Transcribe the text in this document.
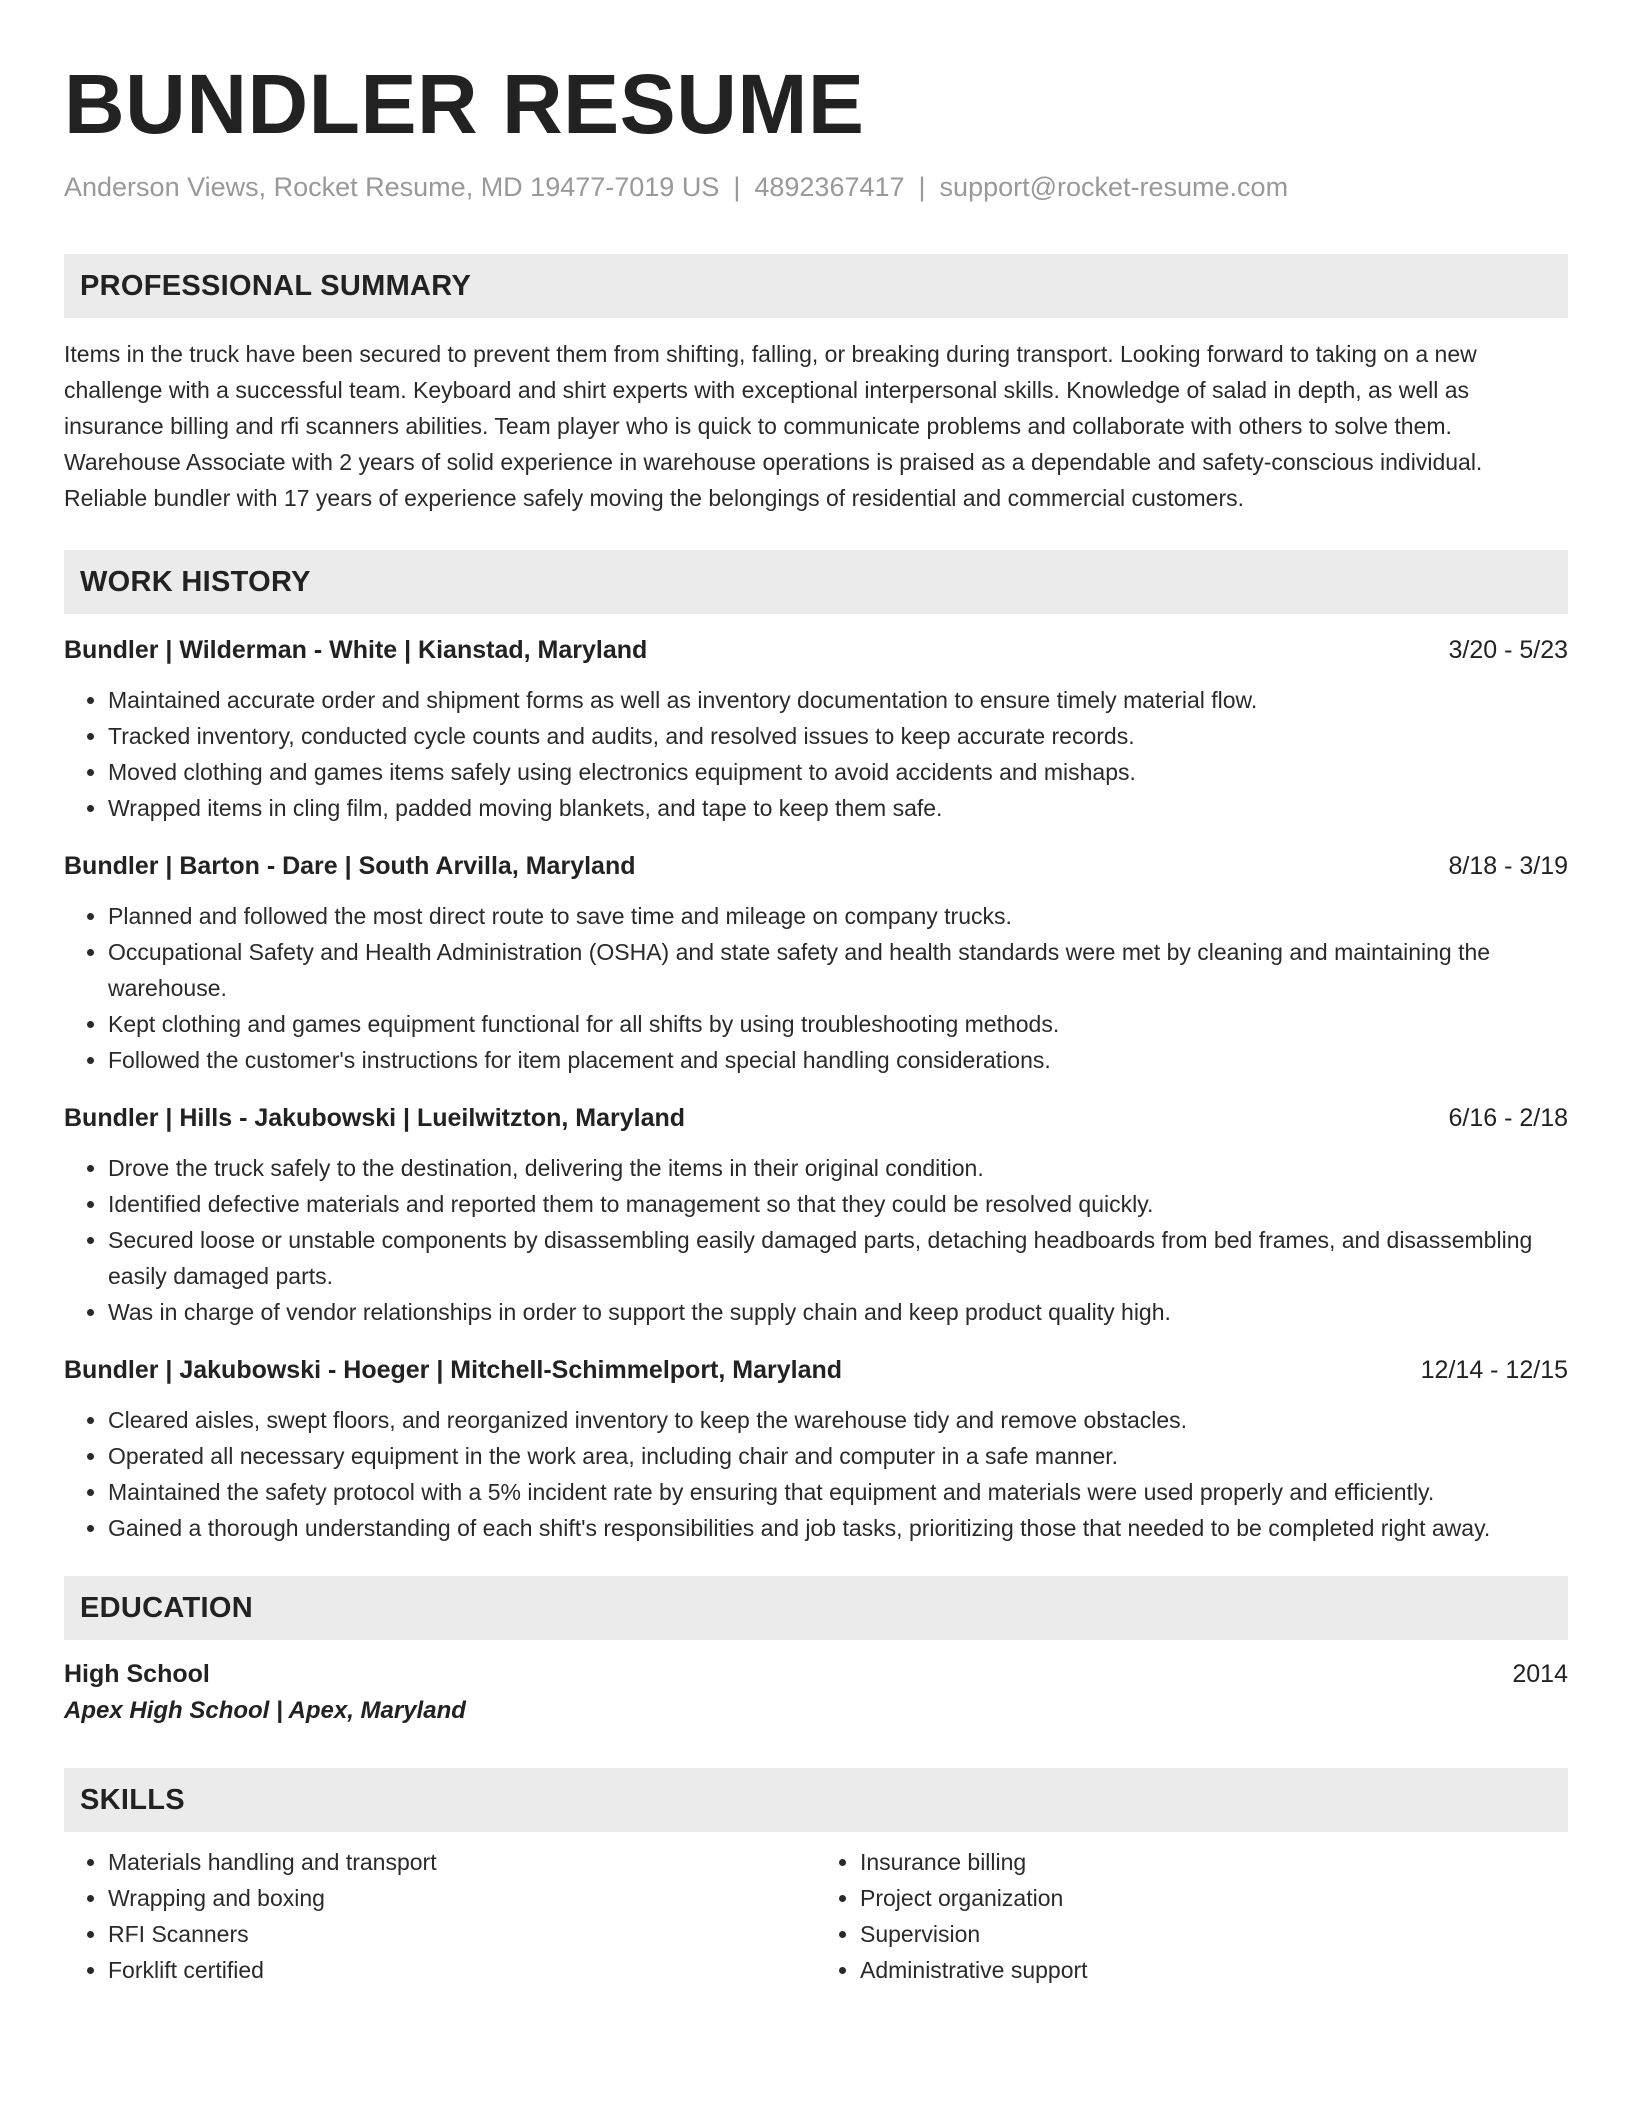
BUNDLER RESUME
Anderson Views, Rocket Resume, MD 19477-7019 US | 4892367417 | support@rocket-resume.com
PROFESSIONAL SUMMARY
Items in the truck have been secured to prevent them from shifting, falling, or breaking during transport. Looking forward to taking on a new challenge with a successful team. Keyboard and shirt experts with exceptional interpersonal skills. Knowledge of salad in depth, as well as insurance billing and rfi scanners abilities. Team player who is quick to communicate problems and collaborate with others to solve them. Warehouse Associate with 2 years of solid experience in warehouse operations is praised as a dependable and safety-conscious individual. Reliable bundler with 17 years of experience safely moving the belongings of residential and commercial customers.
WORK HISTORY
Bundler | Wilderman - White | Kianstad, Maryland	3/20 - 5/23
• Maintained accurate order and shipment forms as well as inventory documentation to ensure timely material flow.
• Tracked inventory, conducted cycle counts and audits, and resolved issues to keep accurate records.
• Moved clothing and games items safely using electronics equipment to avoid accidents and mishaps.
• Wrapped items in cling film, padded moving blankets, and tape to keep them safe.
Bundler | Barton - Dare | South Arvilla, Maryland	8/18 - 3/19
• Planned and followed the most direct route to save time and mileage on company trucks.
• Occupational Safety and Health Administration (OSHA) and state safety and health standards were met by cleaning and maintaining the warehouse.
• Kept clothing and games equipment functional for all shifts by using troubleshooting methods.
• Followed the customer's instructions for item placement and special handling considerations.
Bundler | Hills - Jakubowski | Lueilwitzton, Maryland	6/16 - 2/18
• Drove the truck safely to the destination, delivering the items in their original condition.
• Identified defective materials and reported them to management so that they could be resolved quickly.
• Secured loose or unstable components by disassembling easily damaged parts, detaching headboards from bed frames, and disassembling easily damaged parts.
• Was in charge of vendor relationships in order to support the supply chain and keep product quality high.
Bundler | Jakubowski - Hoeger | Mitchell-Schimmelport, Maryland	12/14 - 12/15
• Cleared aisles, swept floors, and reorganized inventory to keep the warehouse tidy and remove obstacles.
• Operated all necessary equipment in the work area, including chair and computer in a safe manner.
• Maintained the safety protocol with a 5% incident rate by ensuring that equipment and materials were used properly and efficiently.
• Gained a thorough understanding of each shift's responsibilities and job tasks, prioritizing those that needed to be completed right away.
EDUCATION
High School	2014
Apex High School | Apex, Maryland
SKILLS
• Materials handling and transport
• Wrapping and boxing
• RFI Scanners
• Forklift certified
• Insurance billing
• Project organization
• Supervision
• Administrative support
